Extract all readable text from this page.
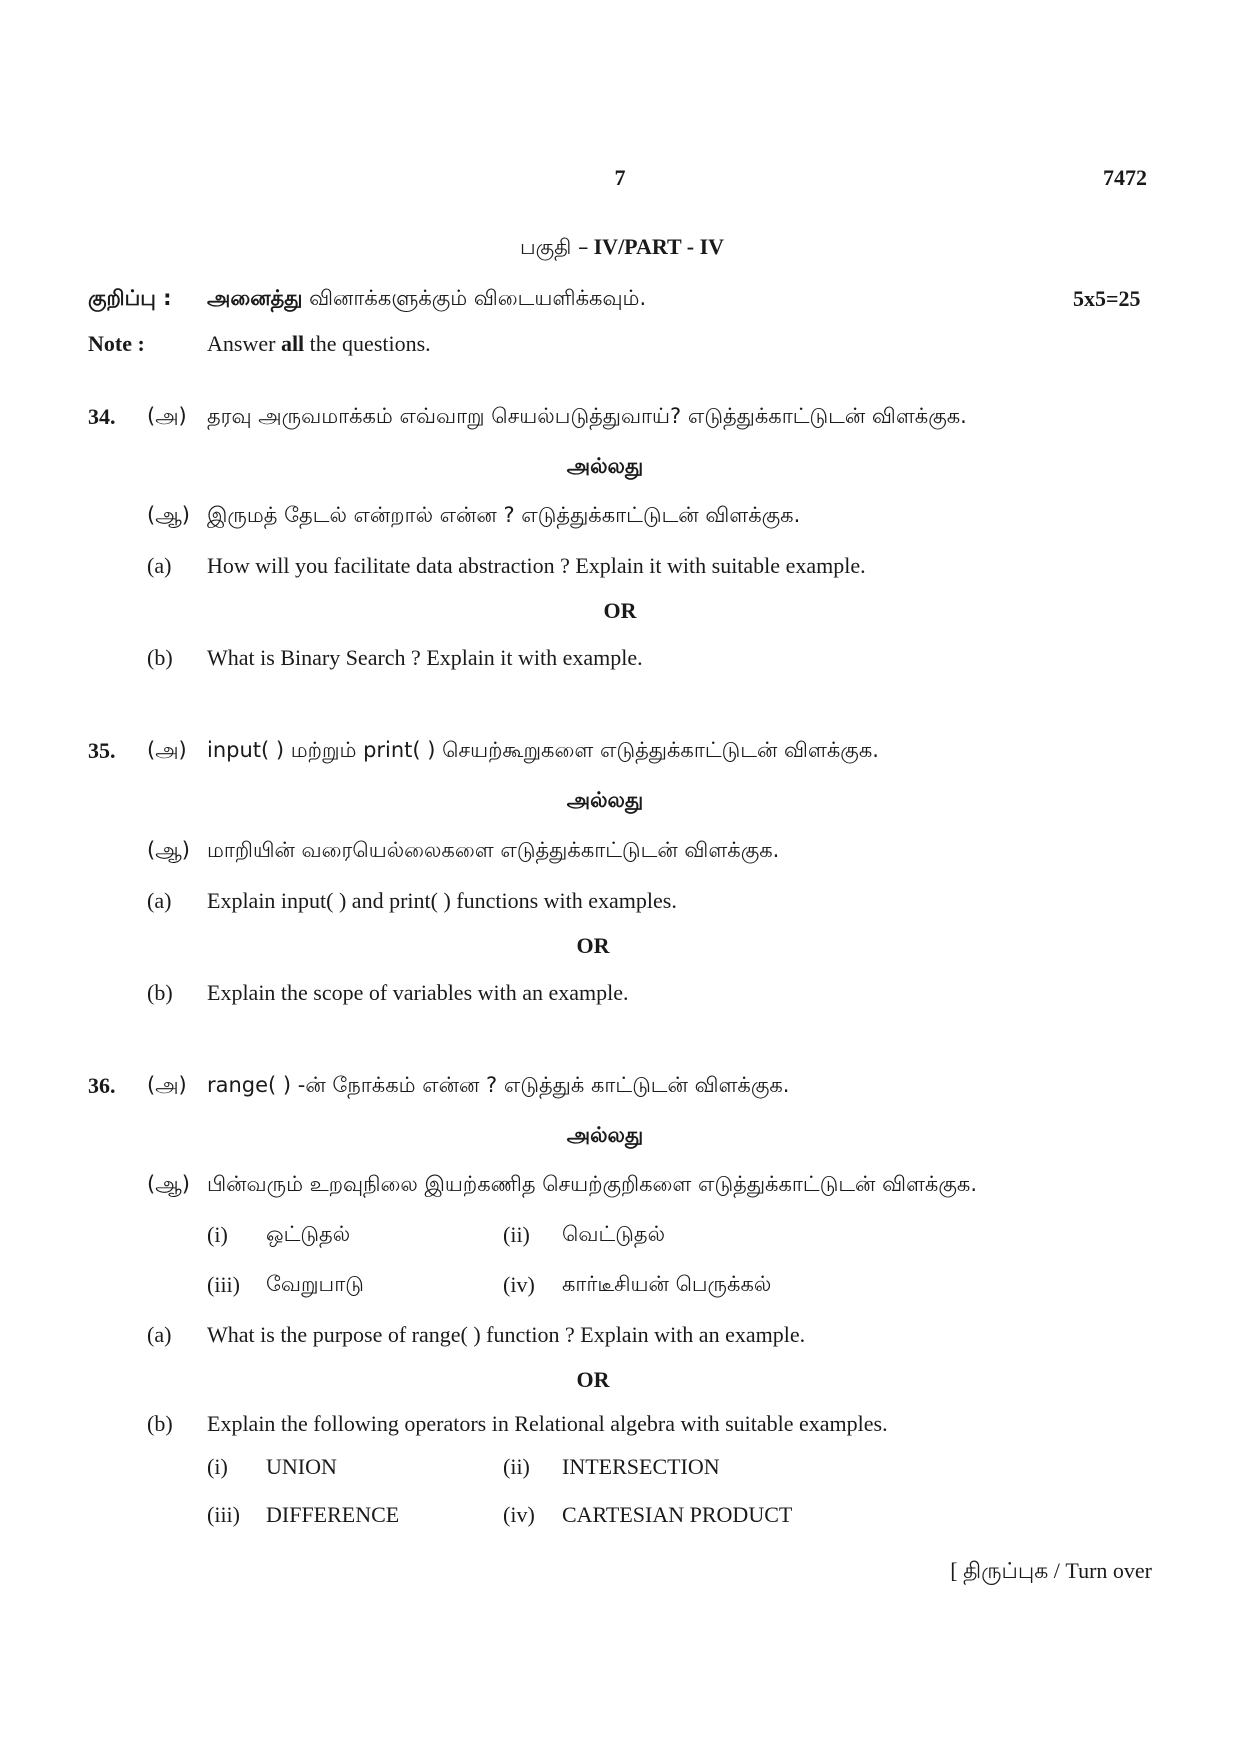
7	7472
பகுதி – IV/PART - IV
குறிப்பு : அனைத்து வினாக்களுக்கும் விடையளிக்கவும்.	5x5=25
Note :	Answer all the questions.
34. (அ) தரவு அருவமாக்கம் எவ்வாறு செயல்படுத்துவாய்? எடுத்துக்காட்டுடன் விளக்குக.
அல்லது
(ஆ) இருமத் தேடல் என்றால் என்ன ? எடுத்துக்காட்டுடன் விளக்குக.
(a) How will you facilitate data abstraction ? Explain it with suitable example.
OR
(b) What is Binary Search ? Explain it with example.
35. (அ) input( ) மற்றும் print( ) செயற்கூறுகளை எடுத்துக்காட்டுடன் விளக்குக.
அல்லது
(ஆ) மாறியின் வரையெல்லைகளை எடுத்துக்காட்டுடன் விளக்குக.
(a) Explain input( ) and print( ) functions with examples.
OR
(b) Explain the scope of variables with an example.
36. (அ) range( ) -ன் நோக்கம் என்ன ? எடுத்துக் காட்டுடன் விளக்குக.
அல்லது
(ஆ) பின்வரும் உறவுநிலை இயற்கணித செயற்குறிகளை எடுத்துக்காட்டுடன் விளக்குக.
(i) ஒட்டுதல்	(ii) வெட்டுதல்
(iii) வேறுபாடு	(iv) கார்டீசியன் பெருக்கல்
(a) What is the purpose of range( ) function ? Explain with an example.
OR
(b) Explain the following operators in Relational algebra with suitable examples.
(i) UNION	(ii) INTERSECTION
(iii) DIFFERENCE	(iv) CARTESIAN PRODUCT
[ திருப்புக / Turn over
